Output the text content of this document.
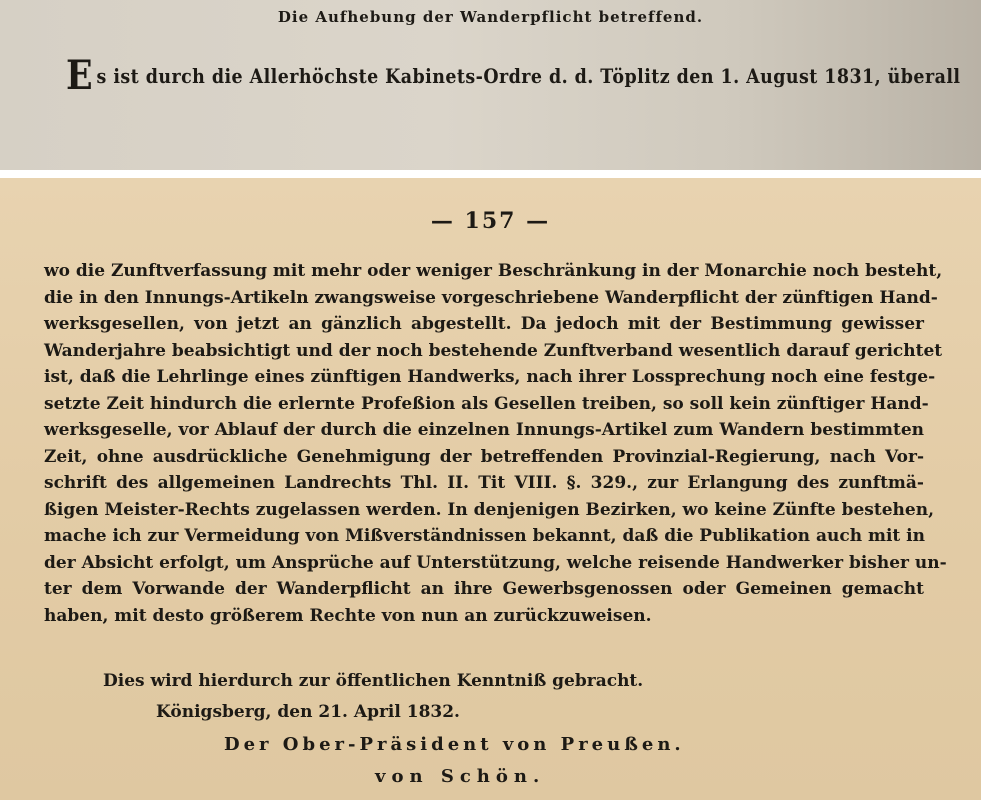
Die Aufhebung der Wanderpflicht betreffend.
Es ist durch die Allerhöchste Kabinets-Ordre d. d. Töplitz den 1. August 1831, überall
— 157 —
wo die Zunftverfassung mit mehr oder weniger Beschränkung in der Monarchie noch besteht,
die in den Innungs-Artikeln zwangsweise vorgeschriebene Wanderpflicht der zünftigen Hand-
werksgesellen, von jetzt an gänzlich abgestellt. Da jedoch mit der Bestimmung gewisser
Wanderjahre beabsichtigt und der noch bestehende Zunftverband wesentlich darauf gerichtet
ist, daß die Lehrlinge eines zünftigen Handwerks, nach ihrer Lossprechung noch eine festge-
setzte Zeit hindurch die erlernte Profeßion als Gesellen treiben, so soll kein zünftiger Hand-
werksgeselle, vor Ablauf der durch die einzelnen Innungs-Artikel zum Wandern bestimmten
Zeit, ohne ausdrückliche Genehmigung der betreffenden Provinzial-Regierung, nach Vor-
schrift des allgemeinen Landrechts Thl. II. Tit VIII. §. 329., zur Erlangung des zunftmä-
ßigen Meister-Rechts zugelassen werden. In denjenigen Bezirken, wo keine Zünfte bestehen,
mache ich zur Vermeidung von Mißverständnissen bekannt, daß die Publikation auch mit in
der Absicht erfolgt, um Ansprüche auf Unterstützung, welche reisende Handwerker bisher un-
ter dem Vorwande der Wanderpflicht an ihre Gewerbsgenossen oder Gemeinen gemacht
haben, mit desto größerem Rechte von nun an zurückzuweisen.
Dies wird hierdurch zur öffentlichen Kenntniß gebracht.
Königsberg, den 21. April 1832.
Der Ober-Präsident von Preußen.
von Schön.
